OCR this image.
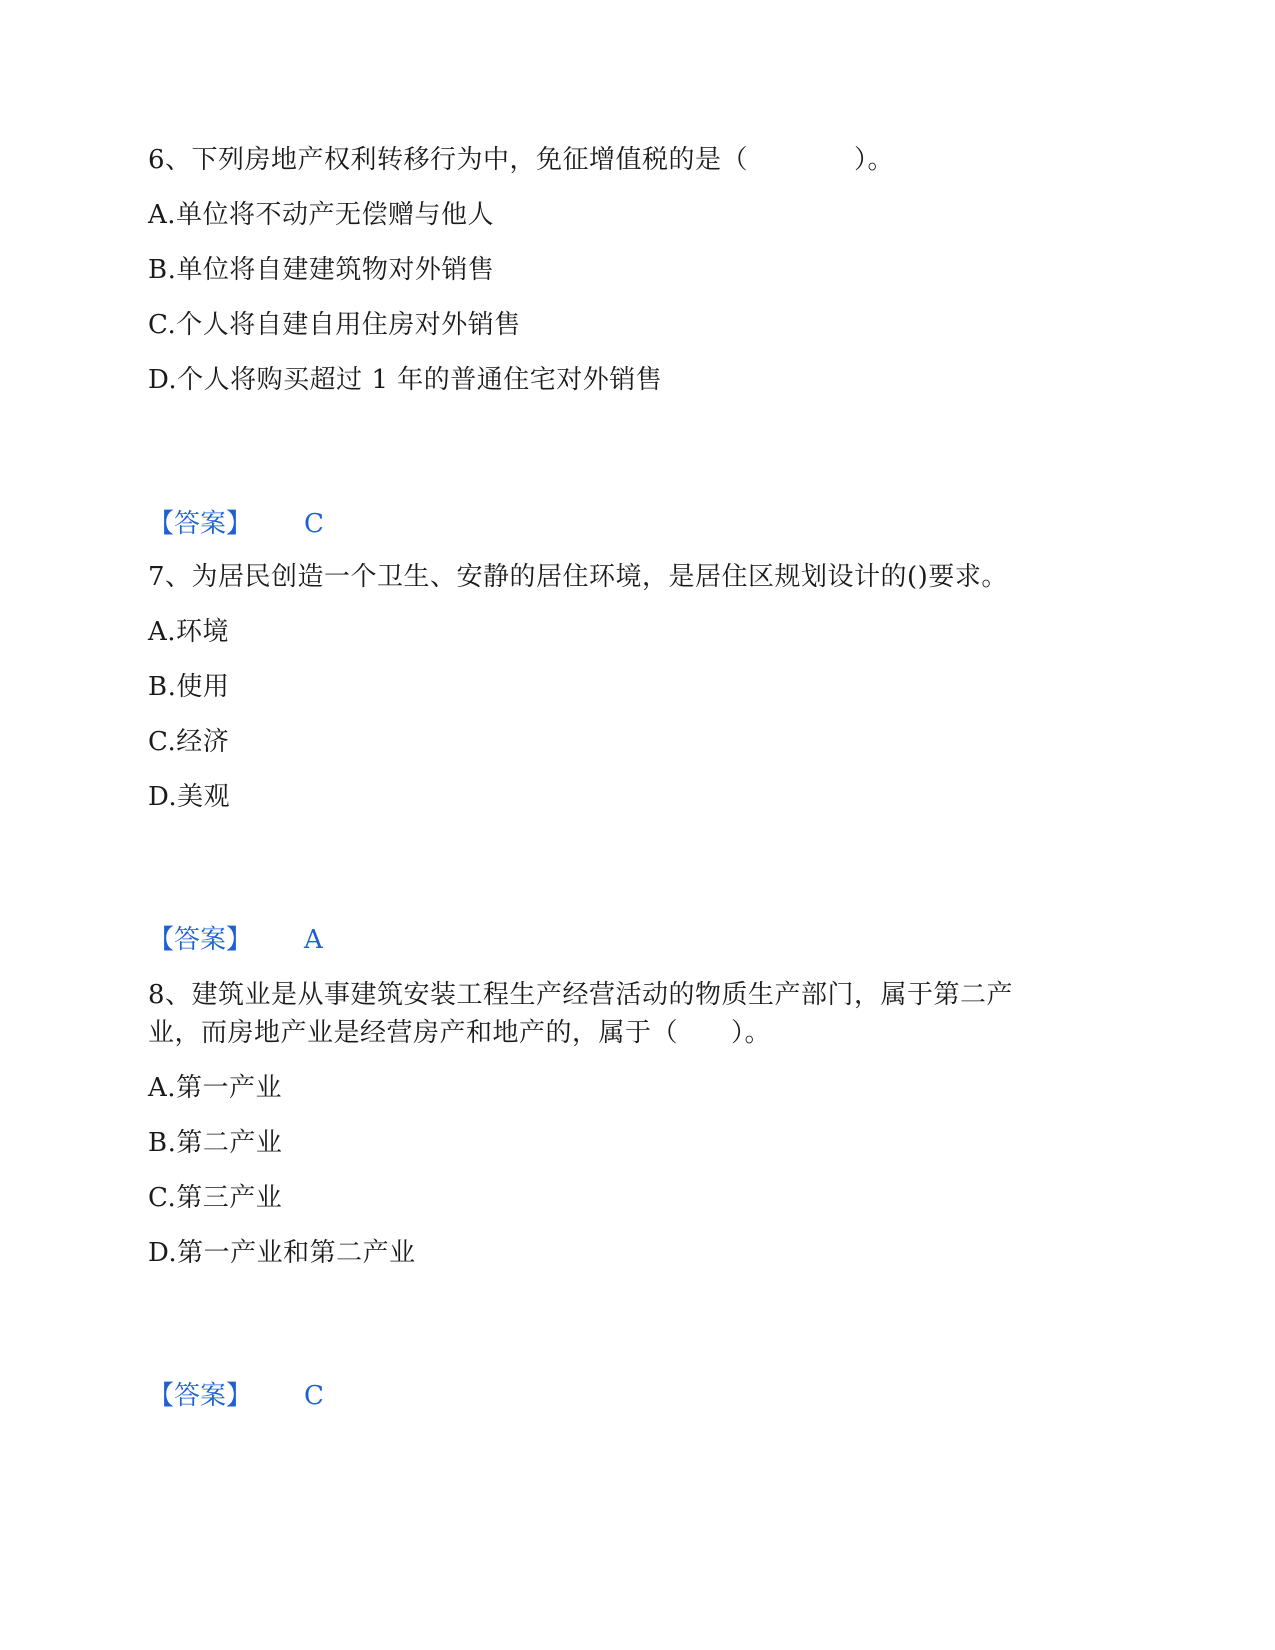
6、下列房地产权利转移行为中，免征增值税的是（　　　　）。
A.单位将不动产无偿赠与他人
B.单位将自建建筑物对外销售
C.个人将自建自用住房对外销售
D.个人将购买超过 1 年的普通住宅对外销售
【答案】 C
7、为居民创造一个卫生、安静的居住环境，是居住区规划设计的()要求。
A.环境
B.使用
C.经济
D.美观
【答案】 A
8、建筑业是从事建筑安装工程生产经营活动的物质生产部门，属于第二产
业，而房地产业是经营房产和地产的，属于（　　）。
A.第一产业
B.第二产业
C.第三产业
D.第一产业和第二产业
【答案】 C
